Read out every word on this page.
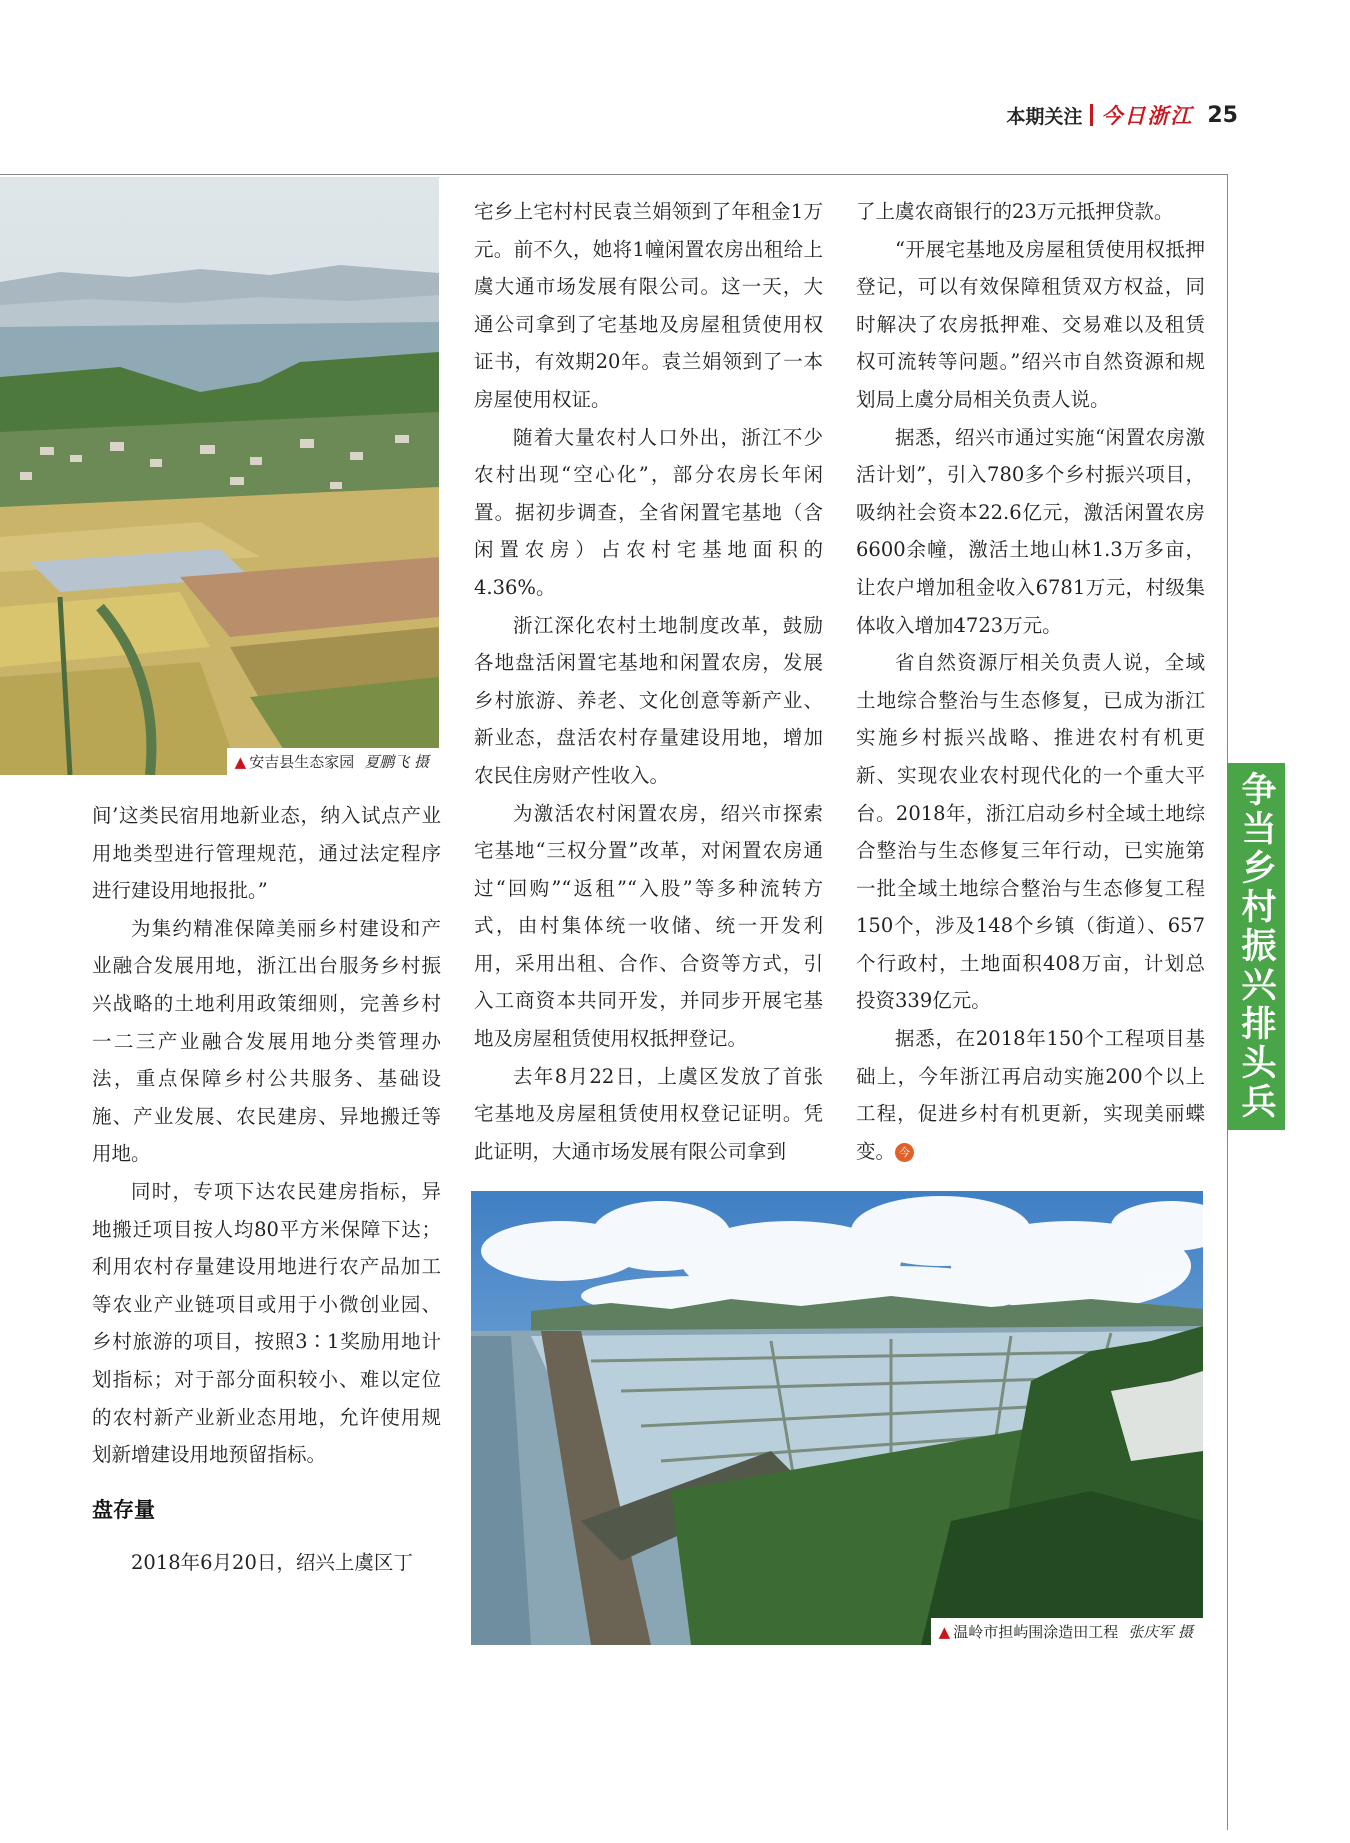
本期关注 今日浙江 25
▲ 安吉县生态家园 夏鹏飞 摄

间’这类民宿用地新业态，纳入试点产业用地类型进行管理规范，通过法定程序进行建设用地报批。”

为集约精准保障美丽乡村建设和产业融合发展用地，浙江出台服务乡村振兴战略的土地利用政策细则，完善乡村一二三产业融合发展用地分类管理办法，重点保障乡村公共服务、基础设施、产业发展、农民建房、异地搬迁等用地。

同时，专项下达农民建房指标，异地搬迁项目按人均80平方米保障下达；利用农村存量建设用地进行农产品加工等农业产业链项目或用于小微创业园、乡村旅游的项目，按照3∶1奖励用地计划指标；对于部分面积较小、难以定位的农村新产业新业态用地，允许使用规划新增建设用地预留指标。

盘存量

2018年6月20日，绍兴上虞区丁

宅乡上宅村村民袁兰娟领到了年租金1万元。前不久，她将1幢闲置农房出租给上虞大通市场发展有限公司。这一天，大通公司拿到了宅基地及房屋租赁使用权证书，有效期20年。袁兰娟领到了一本房屋使用权证。

随着大量农村人口外出，浙江不少农村出现“空心化”，部分农房长年闲置。据初步调查，全省闲置宅基地（含闲置农房）占农村宅基地面积的4.36%。

浙江深化农村土地制度改革，鼓励各地盘活闲置宅基地和闲置农房，发展乡村旅游、养老、文化创意等新产业、新业态，盘活农村存量建设用地，增加农民住房财产性收入。

为激活农村闲置农房，绍兴市探索宅基地“三权分置”改革，对闲置农房通过“回购”“返租”“入股”等多种流转方式，由村集体统一收储、统一开发利用，采用出租、合作、合资等方式，引入工商资本共同开发，并同步开展宅基地及房屋租赁使用权抵押登记。

去年8月22日，上虞区发放了首张宅基地及房屋租赁使用权登记证明。凭此证明，大通市场发展有限公司拿到

了上虞农商银行的23万元抵押贷款。

“开展宅基地及房屋租赁使用权抵押登记，可以有效保障租赁双方权益，同时解决了农房抵押难、交易难以及租赁权可流转等问题。”绍兴市自然资源和规划局上虞分局相关负责人说。

据悉，绍兴市通过实施“闲置农房激活计划”，引入780多个乡村振兴项目，吸纳社会资本22.6亿元，激活闲置农房6600余幢，激活土地山林1.3万多亩，让农户增加租金收入6781万元，村级集体收入增加4723万元。

省自然资源厅相关负责人说，全域土地综合整治与生态修复，已成为浙江实施乡村振兴战略、推进农村有机更新、实现农业农村现代化的一个重大平台。2018年，浙江启动乡村全域土地综合整治与生态修复三年行动，已实施第一批全域土地综合整治与生态修复工程150个，涉及148个乡镇（街道）、657个行政村，土地面积408万亩，计划总投资339亿元。

据悉，在2018年150个工程项目基础上，今年浙江再启动实施200个以上工程，促进乡村有机更新，实现美丽蝶变。 今

争当乡村振兴排头兵
▲ 温岭市担屿围涂造田工程 张庆军 摄
